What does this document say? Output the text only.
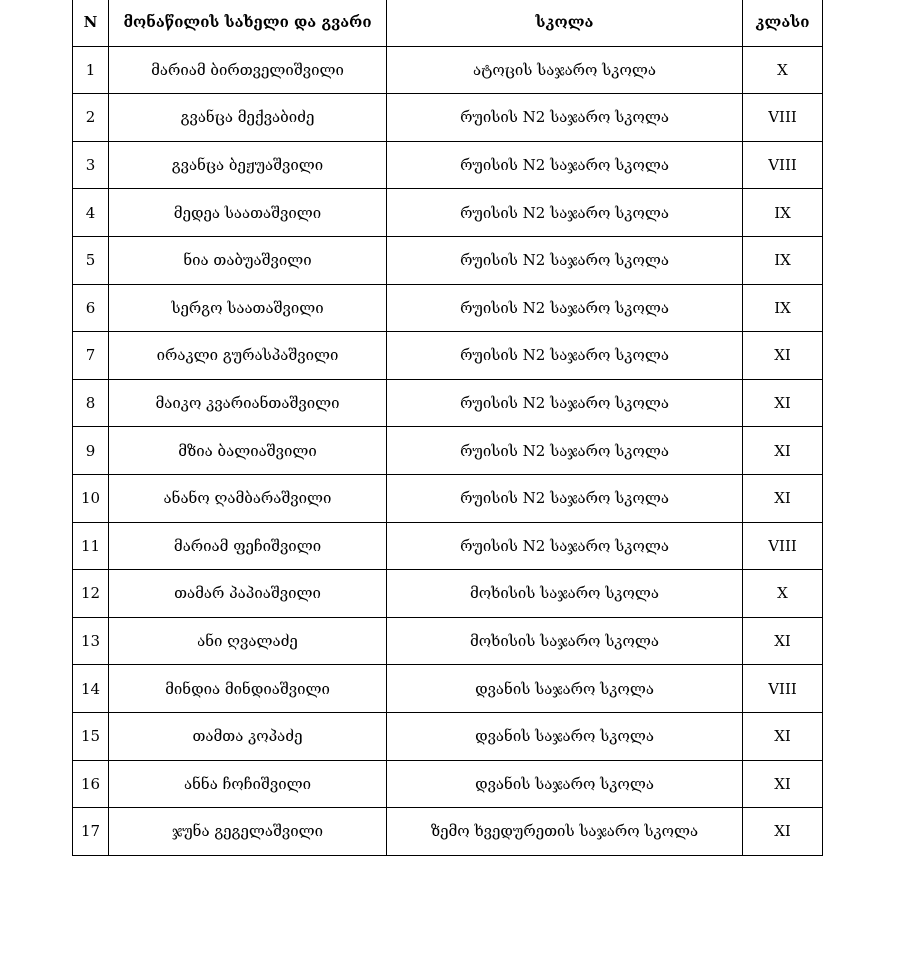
N	მონაწილის სახელი და გვარი	სკოლა	კლასი
1	მარიამ ბირთველიშვილი	ატოცის საჯარო სკოლა	X
2	გვანცა მექვაბიძე	რუისის N2 საჯარო სკოლა	VIII
3	გვანცა ბეჟუაშვილი	რუისის N2 საჯარო სკოლა	VIII
4	მედეა საათაშვილი	რუისის N2 საჯარო სკოლა	IX
5	ნია თაბუაშვილი	რუისის N2 საჯარო სკოლა	IX
6	სერგო საათაშვილი	რუისის N2 საჯარო სკოლა	IX
7	ირაკლი გურასპაშვილი	რუისის N2 საჯარო სკოლა	XI
8	მაიკო კვარიანთაშვილი	რუისის N2 საჯარო სკოლა	XI
9	მზია ბალიაშვილი	რუისის N2 საჯარო სკოლა	XI
10	ანანო ღამბარაშვილი	რუისის N2 საჯარო სკოლა	XI
11	მარიამ ფეჩიშვილი	რუისის N2 საჯარო სკოლა	VIII
12	თამარ პაპიაშვილი	მოხისის საჯარო სკოლა	X
13	ანი ღვალაძე	მოხისის საჯარო სკოლა	XI
14	მინდია მინდიაშვილი	დვანის საჯარო სკოლა	VIII
15	თამთა კოპაძე	დვანის საჯარო სკოლა	XI
16	ანნა ჩოჩიშვილი	დვანის საჯარო სკოლა	XI
17	ჯუნა გეგელაშვილი	ზემო ხვედურეთის საჯარო სკოლა	XI
